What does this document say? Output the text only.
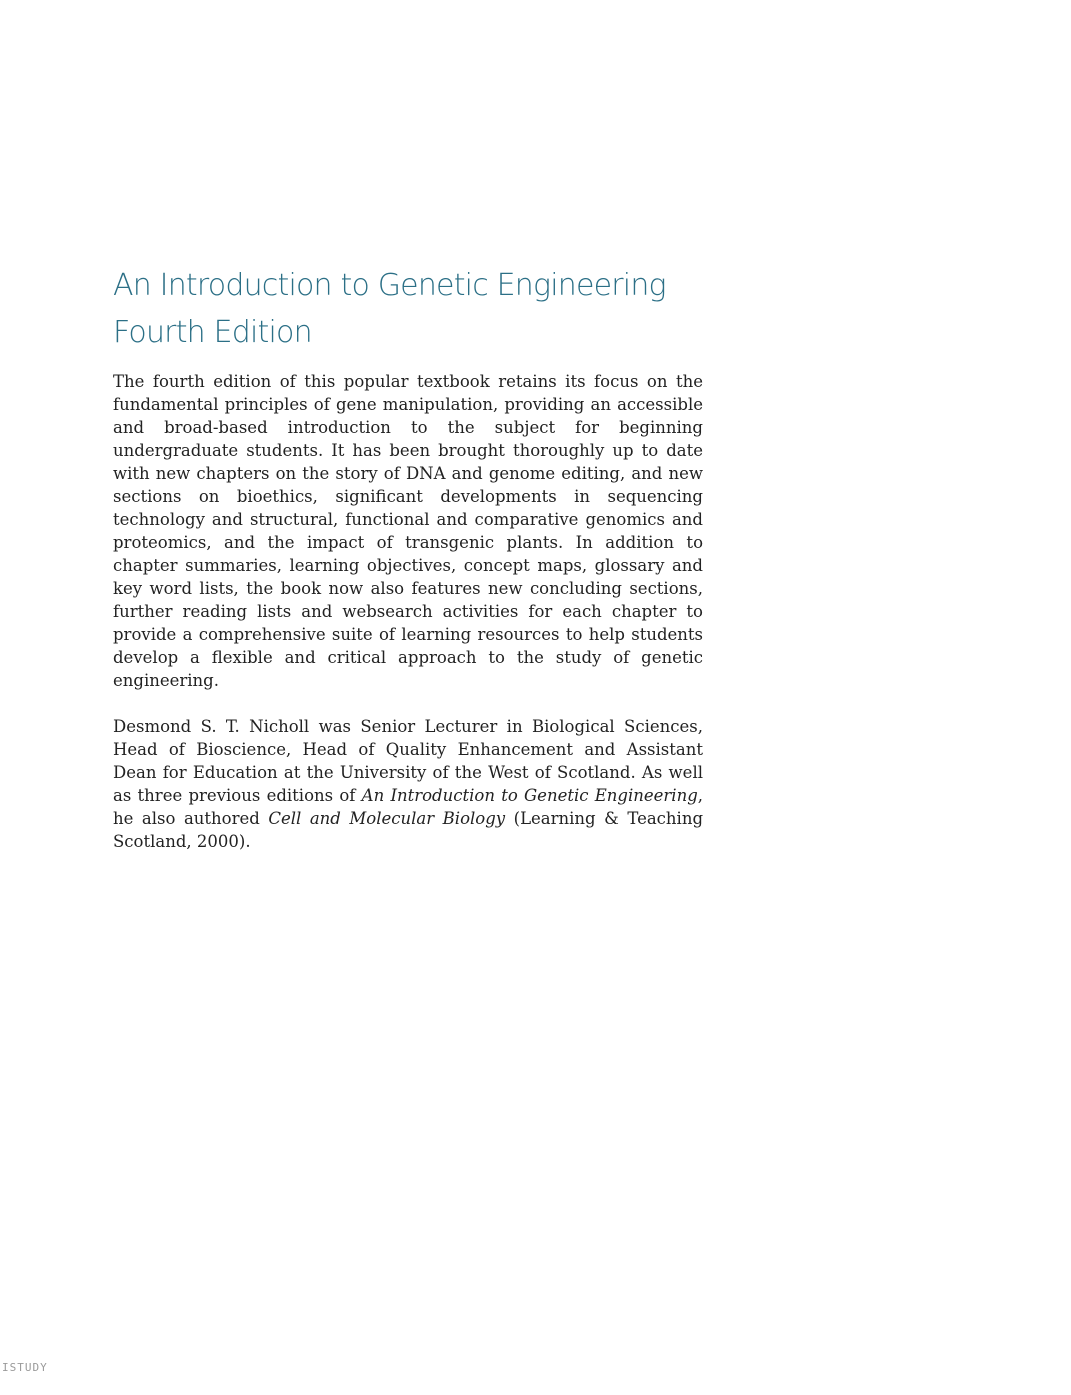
An Introduction to Genetic Engineering
Fourth Edition

The fourth edition of this popular textbook retains its focus on the fundamental principles of gene manipulation, providing an accessible and broad-based introduction to the subject for beginning undergraduate students. It has been brought thoroughly up to date with new chapters on the story of DNA and genome editing, and new sections on bioethics, significant developments in sequencing technology and structural, functional and comparative genomics and proteomics, and the impact of transgenic plants. In addition to chapter summaries, learning objectives, concept maps, glossary and key word lists, the book now also features new concluding sections, further reading lists and websearch activities for each chapter to provide a comprehensive suite of learning resources to help students develop a flexible and critical approach to the study of genetic engineering.

Desmond S. T. Nicholl was Senior Lecturer in Biological Sciences, Head of Bioscience, Head of Quality Enhancement and Assistant Dean for Education at the University of the West of Scotland. As well as three previous editions of An Introduction to Genetic Engineering, he also authored Cell and Molecular Biology (Learning & Teaching Scotland, 2000).

ISTUDY
